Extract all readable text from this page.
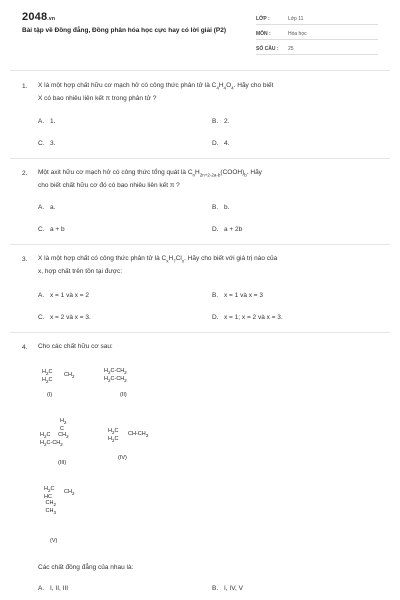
2048.vn
Bài tập về Đồng đẳng, Đồng phân hóa học cực hay có lời giải (P2)
LỚP :	Lớp 11
MÔN :	Hóa học
SỐ CÂU : 25
1. X là một hợp chất hữu cơ mạch hở có công thức phân tử là $C_4H_4O_4$. Hãy cho biết
X có bao nhiêu liên kết π trong phân tử ?
A. 1.	B. 2.
C. 3.	D. 4.
2. Một axit hữu cơ mạch hở có công thức tổng quát là $C_nH_{2n+2-2a-b}(COOH)_b$. Hãy
cho biết chất hữu cơ đó có bao nhiêu liên kết π ?
A. a.	B. b.
C. a + b	D. a + 2b
3. X là một hợp chất có công thức phân tử là $C_xH_7Cl_x$. Hãy cho biết với giá trị nào của
x, hợp chất trên tồn tại được:
A. x = 1 và x = 2	B. x = 1 và x = 3
C. x = 2 và x = 3.	D. x = 1; x = 2 và x = 3.
4. Cho các chất hữu cơ sau:
$H_2C$
$H_2C$
$CH_2$
(I)
$H_2C-CH_2$
$H_2C-CH_2$
(II)
$H_2$
C
$H_2C$ $CH_2$
$H_2C-CH_2$
(III)
$H_2C$
$H_2C$
$CH-CH_3$
(IV)
$H_2C$
HC
$CH_2$
$CH_3$
$CH_2$
(V)
Các chất đồng đẳng của nhau là:
A. I, II, III	B. I, IV, V
